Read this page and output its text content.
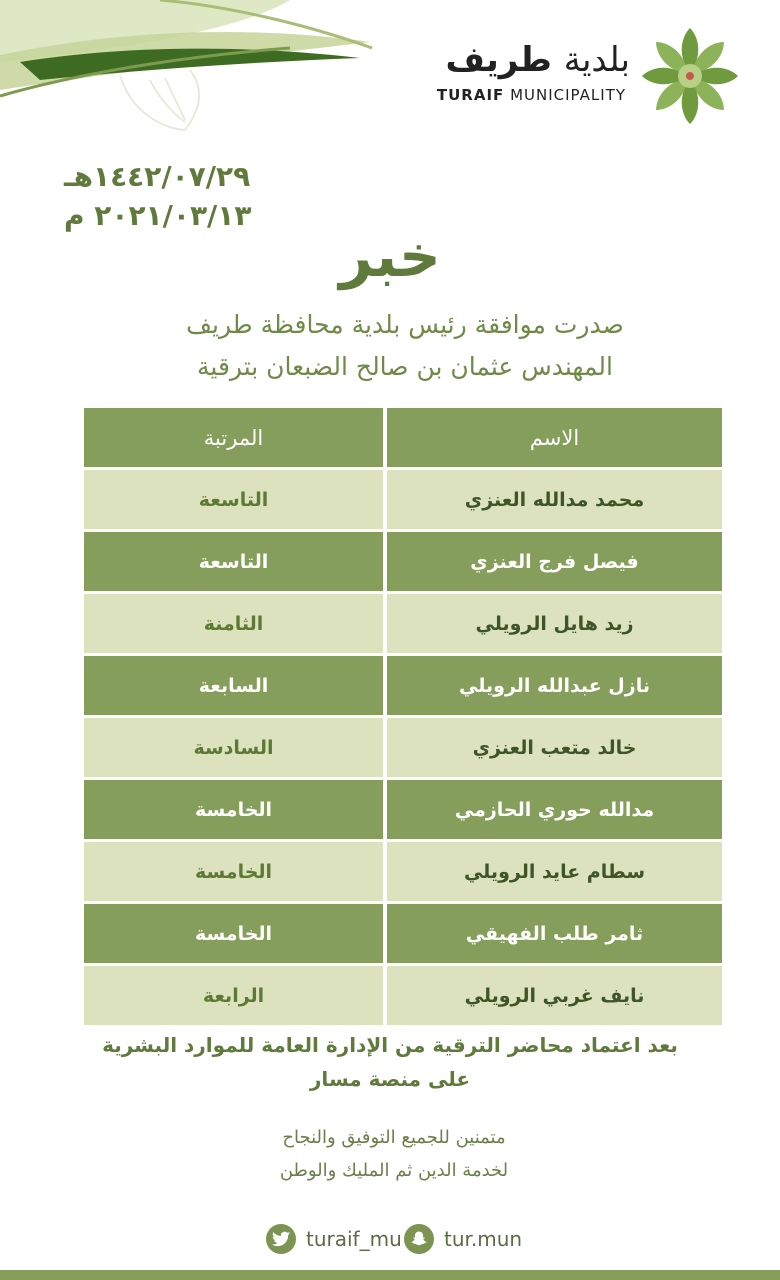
بلدية طريف
TURAIF MUNICIPALITY
١٤٤٢/٠٧/٢٩هـ
٢٠٢١/٠٣/١٣ م
خبر
صدرت موافقة رئيس بلدية محافظة طريف
المهندس عثمان بن صالح الضبعان بترقية
الاسم
المرتبة
محمد مدالله العنزي
التاسعة
فيصل فرج العنزي
التاسعة
زيد هايل الرويلي
الثامنة
نازل عبدالله الرويلي
السابعة
خالد متعب العنزي
السادسة
مدالله حوري الحازمي
الخامسة
سطام عايد الرويلي
الخامسة
ثامر طلب الفهيقي
الخامسة
نايف غربي الرويلي
الرابعة
بعد اعتماد محاضر الترقية من الإدارة العامة للموارد البشرية
على منصة مسار
متمنين للجميع التوفيق والنجاح
لخدمة الدين ثم المليك والوطن
turaif_mu tur.mun
